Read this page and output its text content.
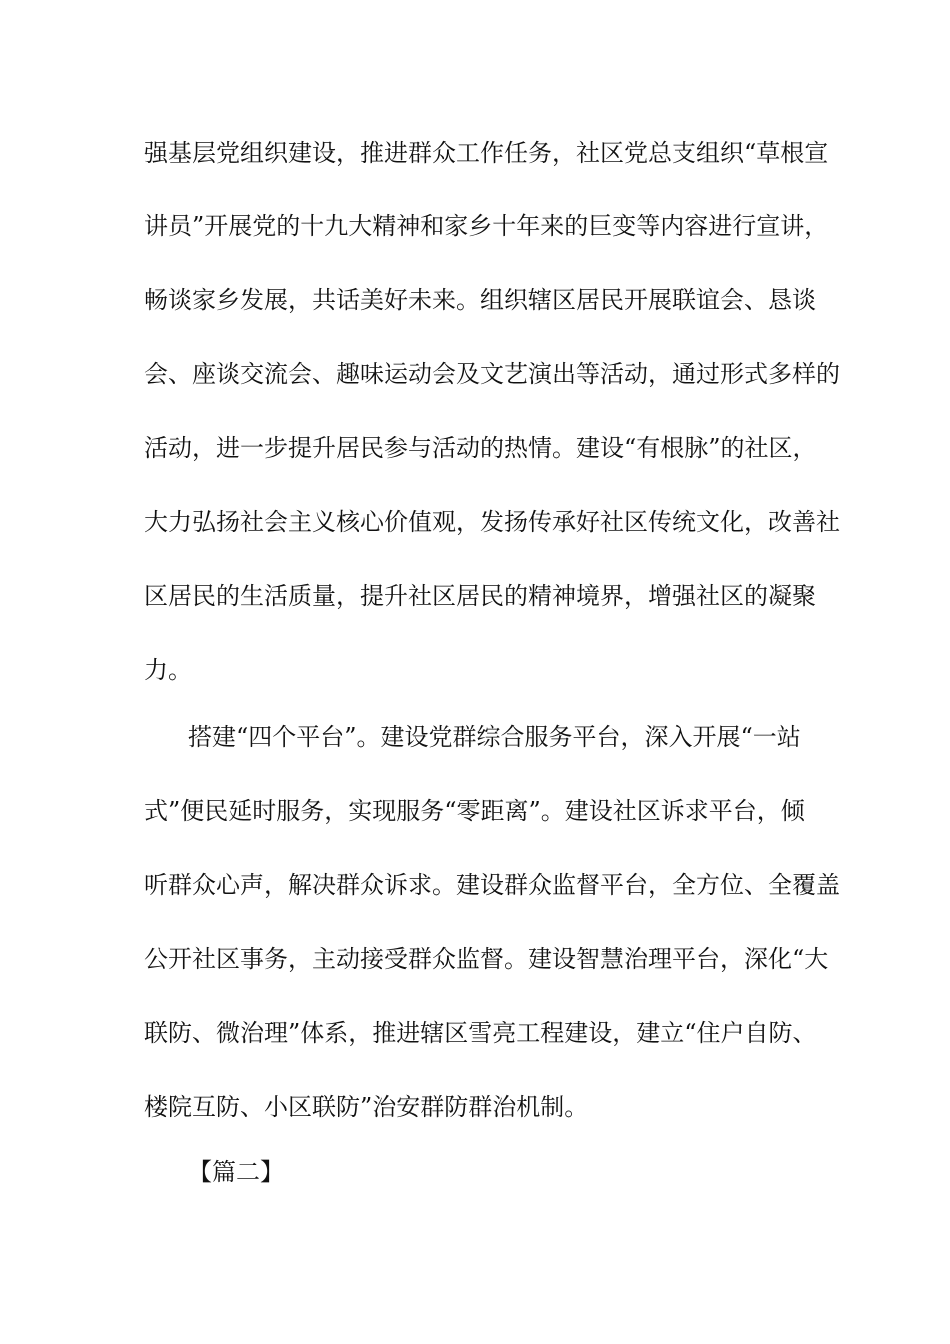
强基层党组织建设，推进群众工作任务，社区党总支组织“草根宣
讲员”开展党的十九大精神和家乡十年来的巨变等内容进行宣讲，
畅谈家乡发展，共话美好未来。组织辖区居民开展联谊会、恳谈
会、座谈交流会、趣味运动会及文艺演出等活动，通过形式多样的
活动，进一步提升居民参与活动的热情。建设“有根脉”的社区，
大力弘扬社会主义核心价值观，发扬传承好社区传统文化，改善社
区居民的生活质量，提升社区居民的精神境界，增强社区的凝聚
力。
搭建“四个平台”。建设党群综合服务平台，深入开展“一站
式”便民延时服务，实现服务“零距离”。建设社区诉求平台，倾
听群众心声，解决群众诉求。建设群众监督平台，全方位、全覆盖
公开社区事务，主动接受群众监督。建设智慧治理平台，深化“大
联防、微治理”体系，推进辖区雪亮工程建设，建立“住户自防、
楼院互防、小区联防”治安群防群治机制。
【篇二】
